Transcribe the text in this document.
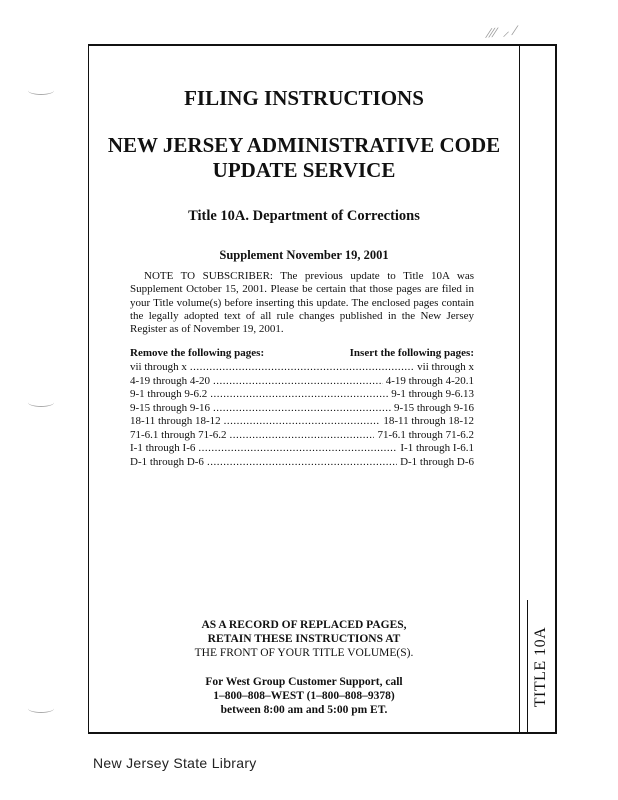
⁄⁄⁄ ⸝ ⁄
TITLE 10A
FILING INSTRUCTIONS
NEW JERSEY ADMINISTRATIVE CODE
UPDATE SERVICE
Title 10A. Department of Corrections
Supplement November 19, 2001
NOTE TO SUBSCRIBER: The previous update to Title 10A was Supplement October 15, 2001. Please be certain that those pages are filed in your Title volume(s) before inserting this update. The enclosed pages contain the legally adopted text of all rule changes published in the New Jersey Register as of November 19, 2001.
Remove the following pages:	Insert the following pages:
vii through x .....	vii through x
4-19 through 4-20 .....	4-19 through 4-20.1
9-1 through 9-6.2 .....	9-1 through 9-6.13
9-15 through 9-16 .....	9-15 through 9-16
18-11 through 18-12 .....	18-11 through 18-12
71-6.1 through 71-6.2 .....	71-6.1 through 71-6.2
I-1 through I-6 .....	I-1 through I-6.1
D-1 through D-6 .....	D-1 through D-6
AS A RECORD OF REPLACED PAGES,
RETAIN THESE INSTRUCTIONS AT
THE FRONT OF YOUR TITLE VOLUME(S).
For West Group Customer Support, call
1–800–808–WEST (1–800–808–9378)
between 8:00 am and 5:00 pm ET.
New Jersey State Library
